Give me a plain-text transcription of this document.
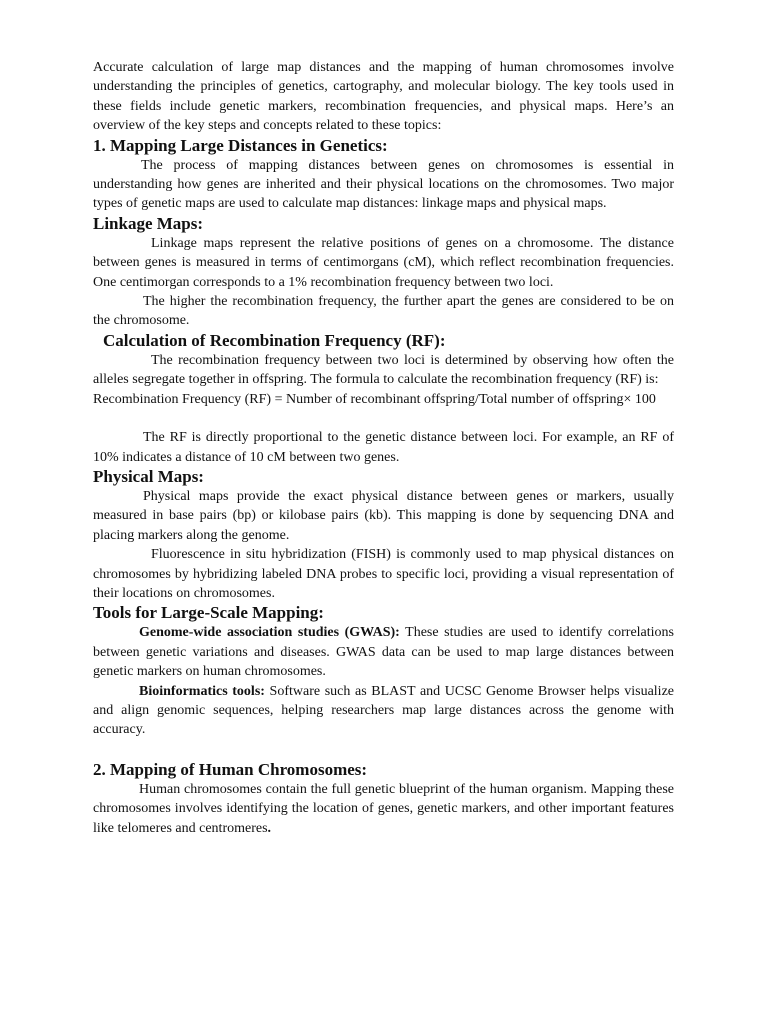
Accurate calculation of large map distances and the mapping of human chromosomes involve understanding the principles of genetics, cartography, and molecular biology. The key tools used in these fields include genetic markers, recombination frequencies, and physical maps. Here’s an overview of the key steps and concepts related to these topics:

1. Mapping Large Distances in Genetics:

The process of mapping distances between genes on chromosomes is essential in understanding how genes are inherited and their physical locations on the chromosomes. Two major types of genetic maps are used to calculate map distances: linkage maps and physical maps.

Linkage Maps:

Linkage maps represent the relative positions of genes on a chromosome. The distance between genes is measured in terms of centimorgans (cM), which reflect recombination frequencies. One centimorgan corresponds to a 1% recombination frequency between two loci.

The higher the recombination frequency, the further apart the genes are considered to be on the chromosome.

Calculation of Recombination Frequency (RF):

The recombination frequency between two loci is determined by observing how often the alleles segregate together in offspring. The formula to calculate the recombination frequency (RF) is:

Recombination Frequency (RF) = Number of recombinant offspring/Total number of offspring× 100

The RF is directly proportional to the genetic distance between loci. For example, an RF of 10% indicates a distance of 10 cM between two genes.

Physical Maps:

Physical maps provide the exact physical distance between genes or markers, usually measured in base pairs (bp) or kilobase pairs (kb). This mapping is done by sequencing DNA and placing markers along the genome.

Fluorescence in situ hybridization (FISH) is commonly used to map physical distances on chromosomes by hybridizing labeled DNA probes to specific loci, providing a visual representation of their locations on chromosomes.

Tools for Large-Scale Mapping:

Genome-wide association studies (GWAS): These studies are used to identify correlations between genetic variations and diseases. GWAS data can be used to map large distances between genetic markers on human chromosomes.

Bioinformatics tools: Software such as BLAST and UCSC Genome Browser helps visualize and align genomic sequences, helping researchers map large distances across the genome with accuracy.

2. Mapping of Human Chromosomes:

Human chromosomes contain the full genetic blueprint of the human organism. Mapping these chromosomes involves identifying the location of genes, genetic markers, and other important features like telomeres and centromeres.
